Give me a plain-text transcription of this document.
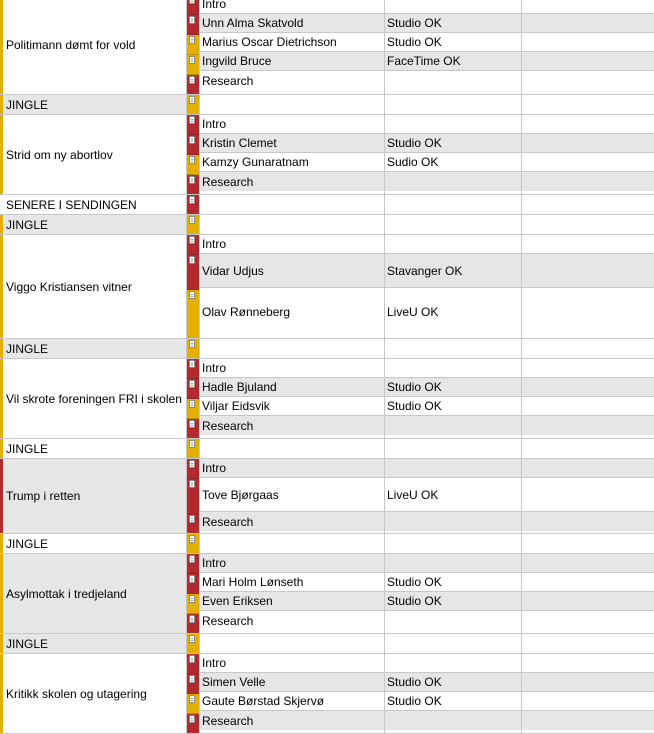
Politimann dømt for vold
Intro
Unn Alma Skatvold
Marius Oscar Dietrichson
Ingvild Bruce
Research
Studio OK
Studio OK
FaceTime OK
JINGLE
Strid om ny abortlov
Intro
Kristin Clemet
Kamzy Gunaratnam
Research
Studio OK
Sudio OK
SENERE I SENDINGEN
JINGLE
Viggo Kristiansen vitner
Intro
Vidar Udjus
Olav Rønneberg
Stavanger OK
LiveU OK
JINGLE
Vil skrote foreningen FRI i skolen
Intro
Hadle Bjuland
Viljar Eidsvik
Research
Studio OK
Studio OK
JINGLE
Trump i retten
Intro
Tove Bjørgaas
Research
LiveU OK
JINGLE
Asylmottak i tredjeland
Intro
Mari Holm Lønseth
Even Eriksen
Research
Studio OK
Studio OK
JINGLE
Kritikk skolen og utagering
Intro
Simen Velle
Gaute Børstad Skjervø
Research
Studio OK
Studio OK
